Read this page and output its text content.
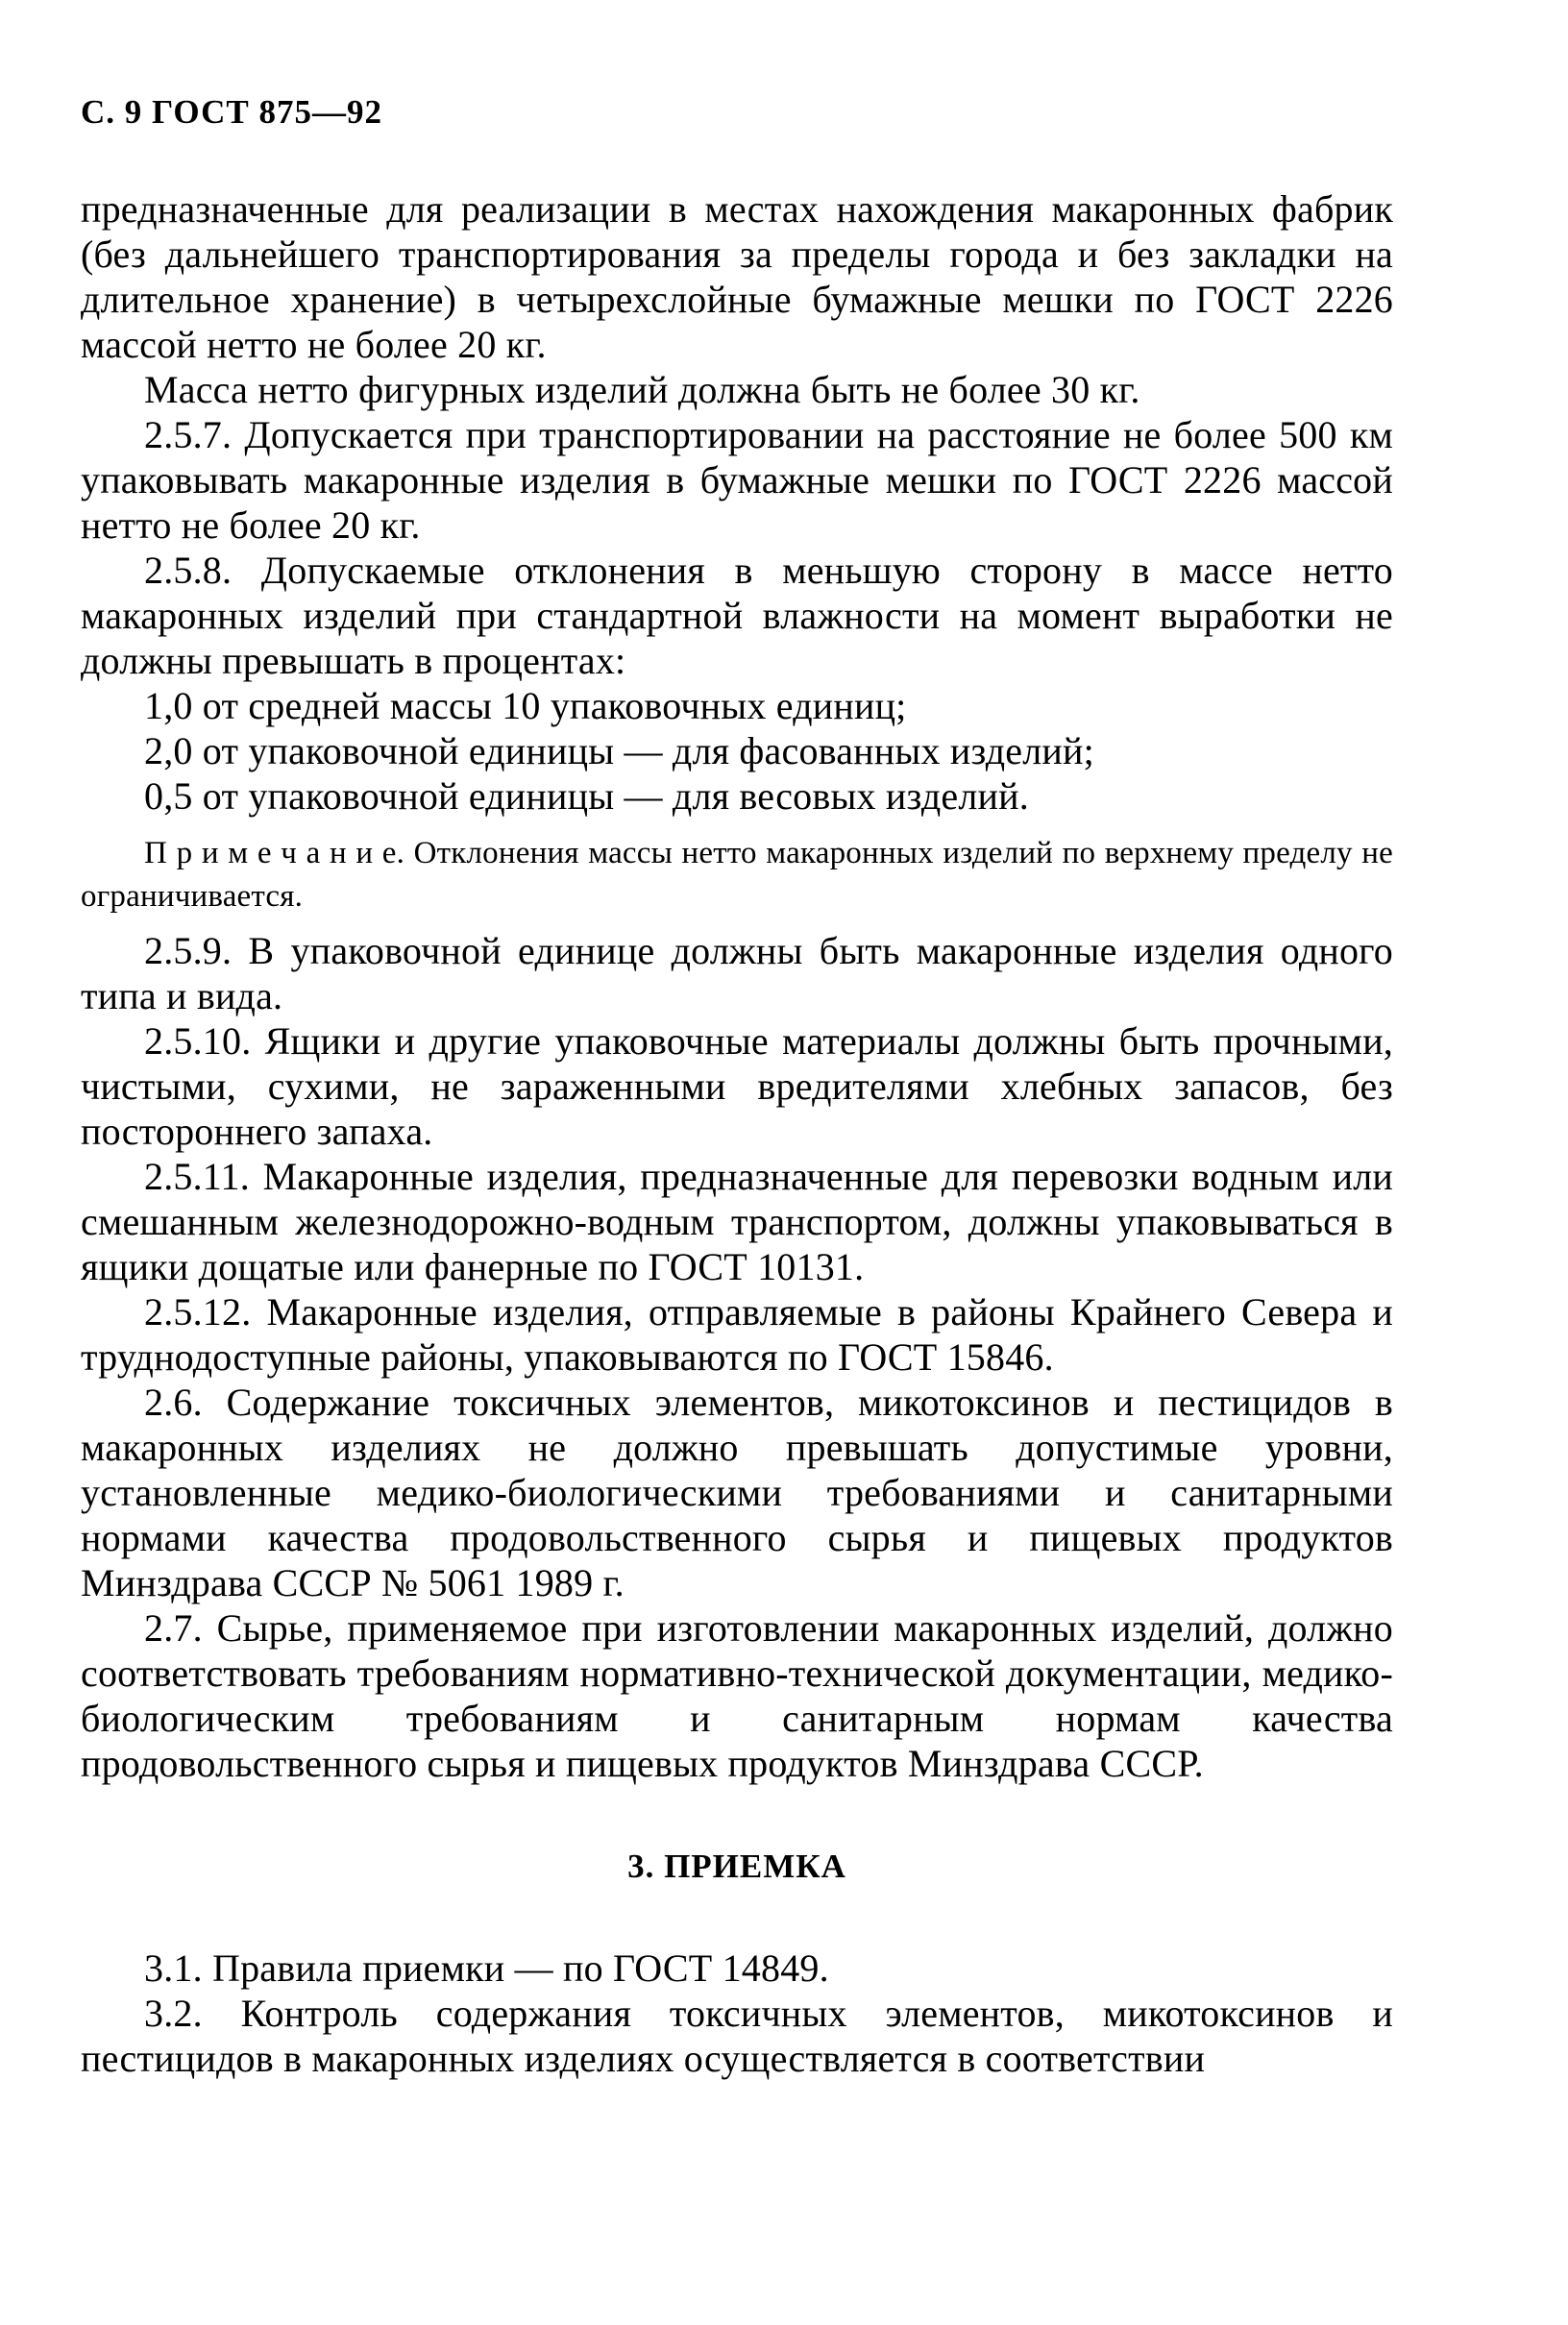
С. 9 ГОСТ 875—92

предназначенные для реализации в местах нахождения макаронных фабрик (без дальнейшего транспортирования за пределы города и без закладки на длительное хранение) в четырехслойные бумажные мешки по ГОСТ 2226 массой нетто не более 20 кг.

Масса нетто фигурных изделий должна быть не более 30 кг.

2.5.7. Допускается при транспортировании на расстояние не более 500 км упаковывать макаронные изделия в бумажные мешки по ГОСТ 2226 массой нетто не более 20 кг.

2.5.8. Допускаемые отклонения в меньшую сторону в массе нетто макаронных изделий при стандартной влажности на момент выработки не должны превышать в процентах:

1,0 от средней массы 10 упаковочных единиц;

2,0 от упаковочной единицы — для фасованных изделий;

0,5 от упаковочной единицы — для весовых изделий.

П р и м е ч а н и е. Отклонения массы нетто макаронных изделий по верхнему пределу не ограничивается.

2.5.9. В упаковочной единице должны быть макаронные изделия одного типа и вида.

2.5.10. Ящики и другие упаковочные материалы должны быть прочными, чистыми, сухими, не зараженными вредителями хлебных запасов, без постороннего запаха.

2.5.11. Макаронные изделия, предназначенные для перевозки водным или смешанным железнодорожно-водным транспортом, должны упаковываться в ящики дощатые или фанерные по ГОСТ 10131.

2.5.12. Макаронные изделия, отправляемые в районы Крайнего Севера и труднодоступные районы, упаковываются по ГОСТ 15846.

2.6. Содержание токсичных элементов, микотоксинов и пестицидов в макаронных изделиях не должно превышать допустимые уровни, установленные медико-биологическими требованиями и санитарными нормами качества продовольственного сырья и пищевых продуктов Минздрава СССР № 5061 1989 г.

2.7. Сырье, применяемое при изготовлении макаронных изделий, должно соответствовать требованиям нормативно-технической документации, медико-биологическим требованиям и санитарным нормам качества продовольственного сырья и пищевых продуктов Минздрава СССР.

3. ПРИЕМКА

3.1. Правила приемки — по ГОСТ 14849.

3.2. Контроль содержания токсичных элементов, микотоксинов и пестицидов в макаронных изделиях осуществляется в соответствии
